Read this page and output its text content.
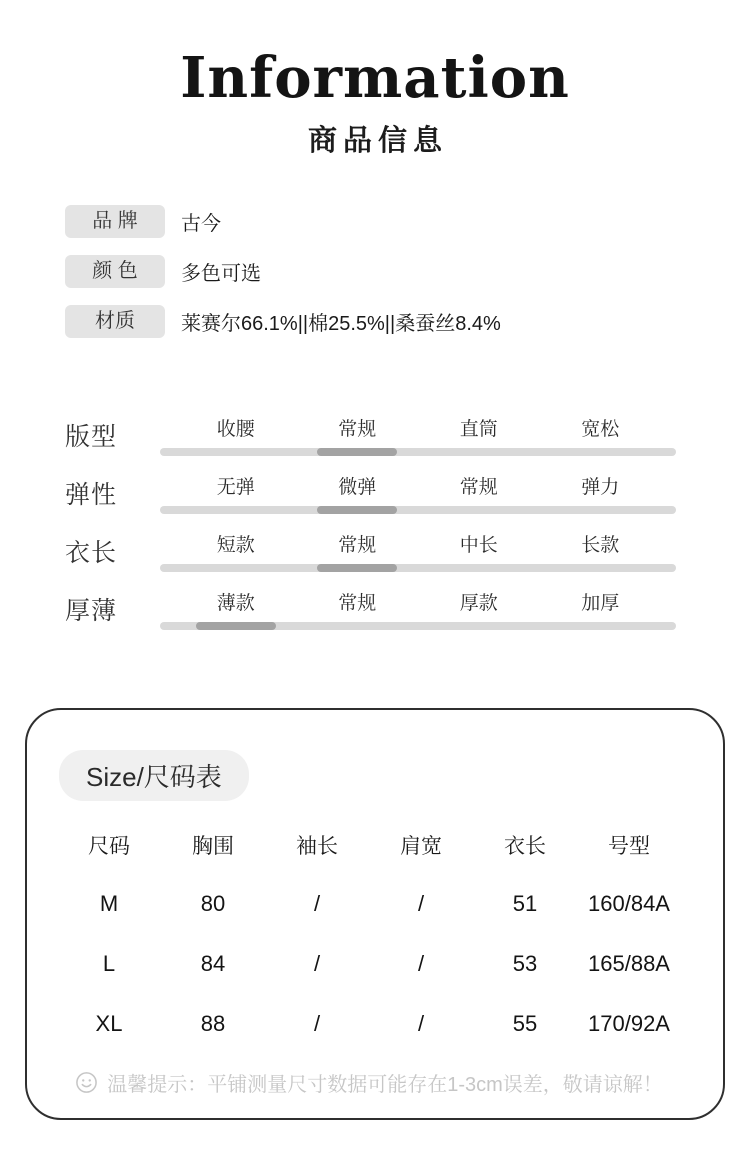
Information
商品信息
品 牌	古今
颜 色	多色可选
材质	莱赛尔66.1%||棉25.5%||桑蚕丝8.4%
版型	收腰	常规	直筒	宽松
弹性	无弹	微弹	常规	弹力
衣长	短款	常规	中长	长款
厚薄	薄款	常规	厚款	加厚
Size/尺码表
尺码	胸围	袖长	肩宽	衣长	号型
M	80	/	/	51	160/84A
L	84	/	/	53	165/88A
XL	88	/	/	55	170/92A
温馨提示：平铺测量尺寸数据可能存在1-3cm误差，敬请谅解！
